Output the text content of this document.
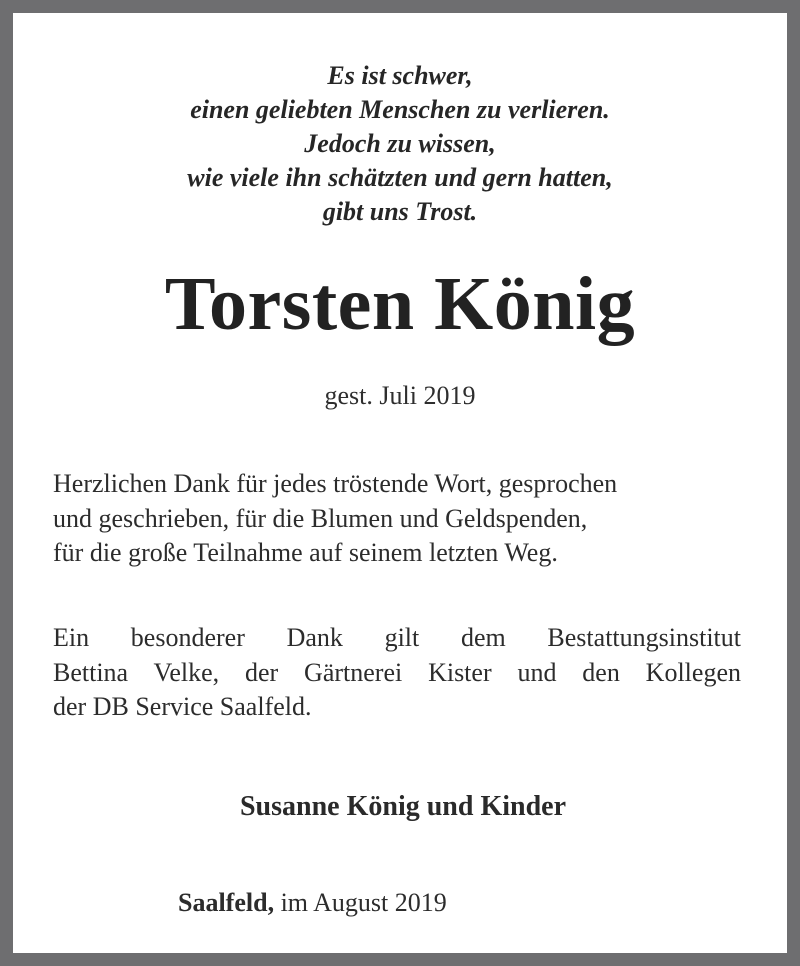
Es ist schwer,
einen geliebten Menschen zu verlieren.
Jedoch zu wissen,
wie viele ihn schätzten und gern hatten,
gibt uns Trost.
Torsten König
gest. Juli 2019
Herzlichen Dank für jedes tröstende Wort, gesprochen
und geschrieben, für die Blumen und Geldspenden,
für die große Teilnahme auf seinem letzten Weg.
Ein besonderer Dank gilt dem Bestattungsinstitut
Bettina Velke, der Gärtnerei Kister und den Kollegen
der DB Service Saalfeld.
Susanne König und Kinder
Saalfeld, im August 2019
